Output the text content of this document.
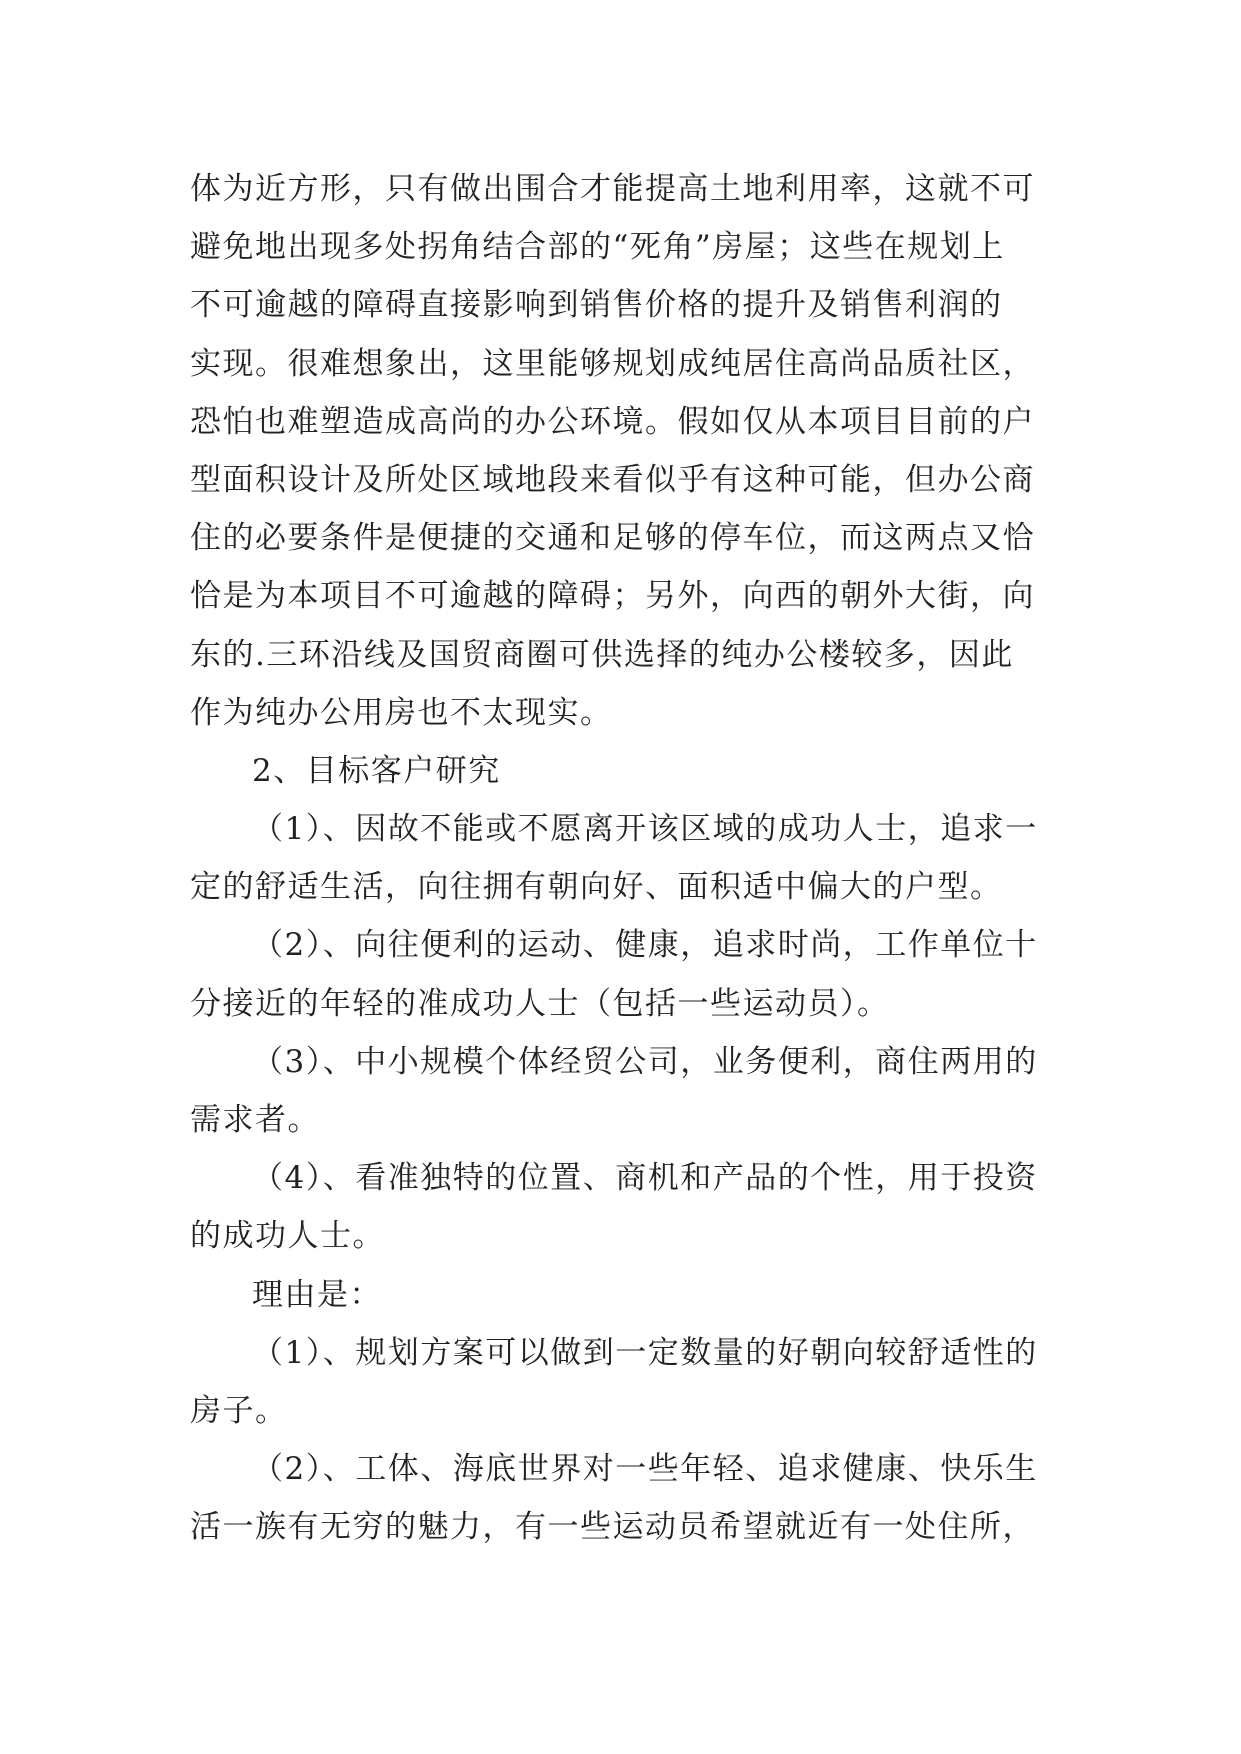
体为近方形，只有做出围合才能提高土地利用率，这就不可
避免地出现多处拐角结合部的“死角”房屋；这些在规划上
不可逾越的障碍直接影响到销售价格的提升及销售利润的
实现。很难想象出，这里能够规划成纯居住高尚品质社区，
恐怕也难塑造成高尚的办公环境。假如仅从本项目目前的户
型面积设计及所处区域地段来看似乎有这种可能，但办公商
住的必要条件是便捷的交通和足够的停车位，而这两点又恰
恰是为本项目不可逾越的障碍；另外，向西的朝外大街，向
东的.三环沿线及国贸商圈可供选择的纯办公楼较多，因此
作为纯办公用房也不太现实。
2、目标客户研究
（1）、因故不能或不愿离开该区域的成功人士，追求一
定的舒适生活，向往拥有朝向好、面积适中偏大的户型。
（2）、向往便利的运动、健康，追求时尚，工作单位十
分接近的年轻的准成功人士（包括一些运动员）。
（3）、中小规模个体经贸公司，业务便利，商住两用的
需求者。
（4）、看准独特的位置、商机和产品的个性，用于投资
的成功人士。
理由是：
（1）、规划方案可以做到一定数量的好朝向较舒适性的
房子。
（2）、工体、海底世界对一些年轻、追求健康、快乐生
活一族有无穷的魅力，有一些运动员希望就近有一处住所，
